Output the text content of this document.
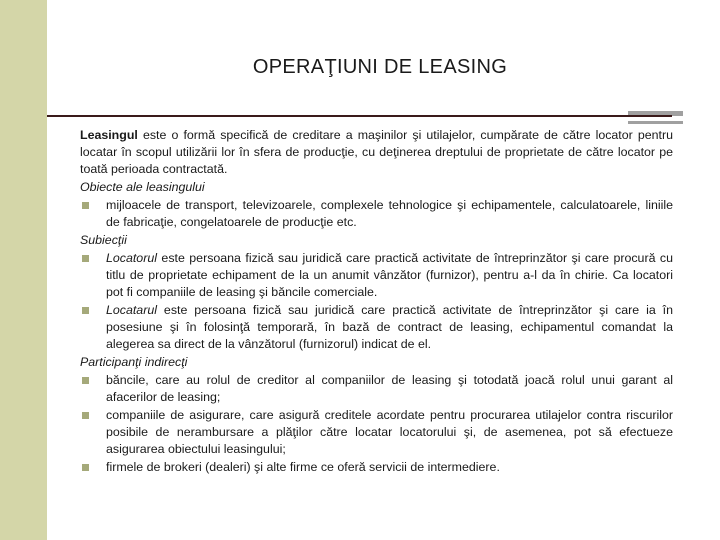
OPERAŢIUNI DE LEASING

Leasingul este o formă specifică de creditare a maşinilor şi utilajelor, cumpărate de către locator pentru locatar în scopul utilizării lor în sfera de producţie, cu deţinerea dreptului de proprietate de către locator pe toată perioada contractată.

Obiecte ale leasingului

mijloacele de transport, televizoarele, complexele tehnologice şi echipamentele, calculatoarele, liniile de fabricaţie, congelatoarele de producţie etc.

Subiecţii

Locatorul este persoana fizică sau juridică care practică activitate de întreprinzător şi care procură cu titlu de proprietate echipament de la un anumit vânzător (furnizor), pentru a-l da în chirie. Ca locatori pot fi companiile de leasing şi băncile comerciale.
Locatarul este persoana fizică sau juridică care practică activitate de întreprinzător şi care ia în posesiune şi în folosinţă temporară, în bază de contract de leasing, echipamentul comandat la alegerea sa direct de la vânzătorul (furnizorul) indicat de el.

Participanţi indirecţi

băncile, care au rolul de creditor al companiilor de leasing şi totodată joacă rolul unui garant al afacerilor de leasing;
companiile de asigurare, care asigură creditele acordate pentru procurarea utilajelor contra riscurilor posibile de nerambursare a plăţilor către locatar locatorului şi, de asemenea, pot să efectueze asigurarea obiectului leasingului;
firmele de brokeri (dealeri) şi alte firme ce oferă servicii de intermediere.
